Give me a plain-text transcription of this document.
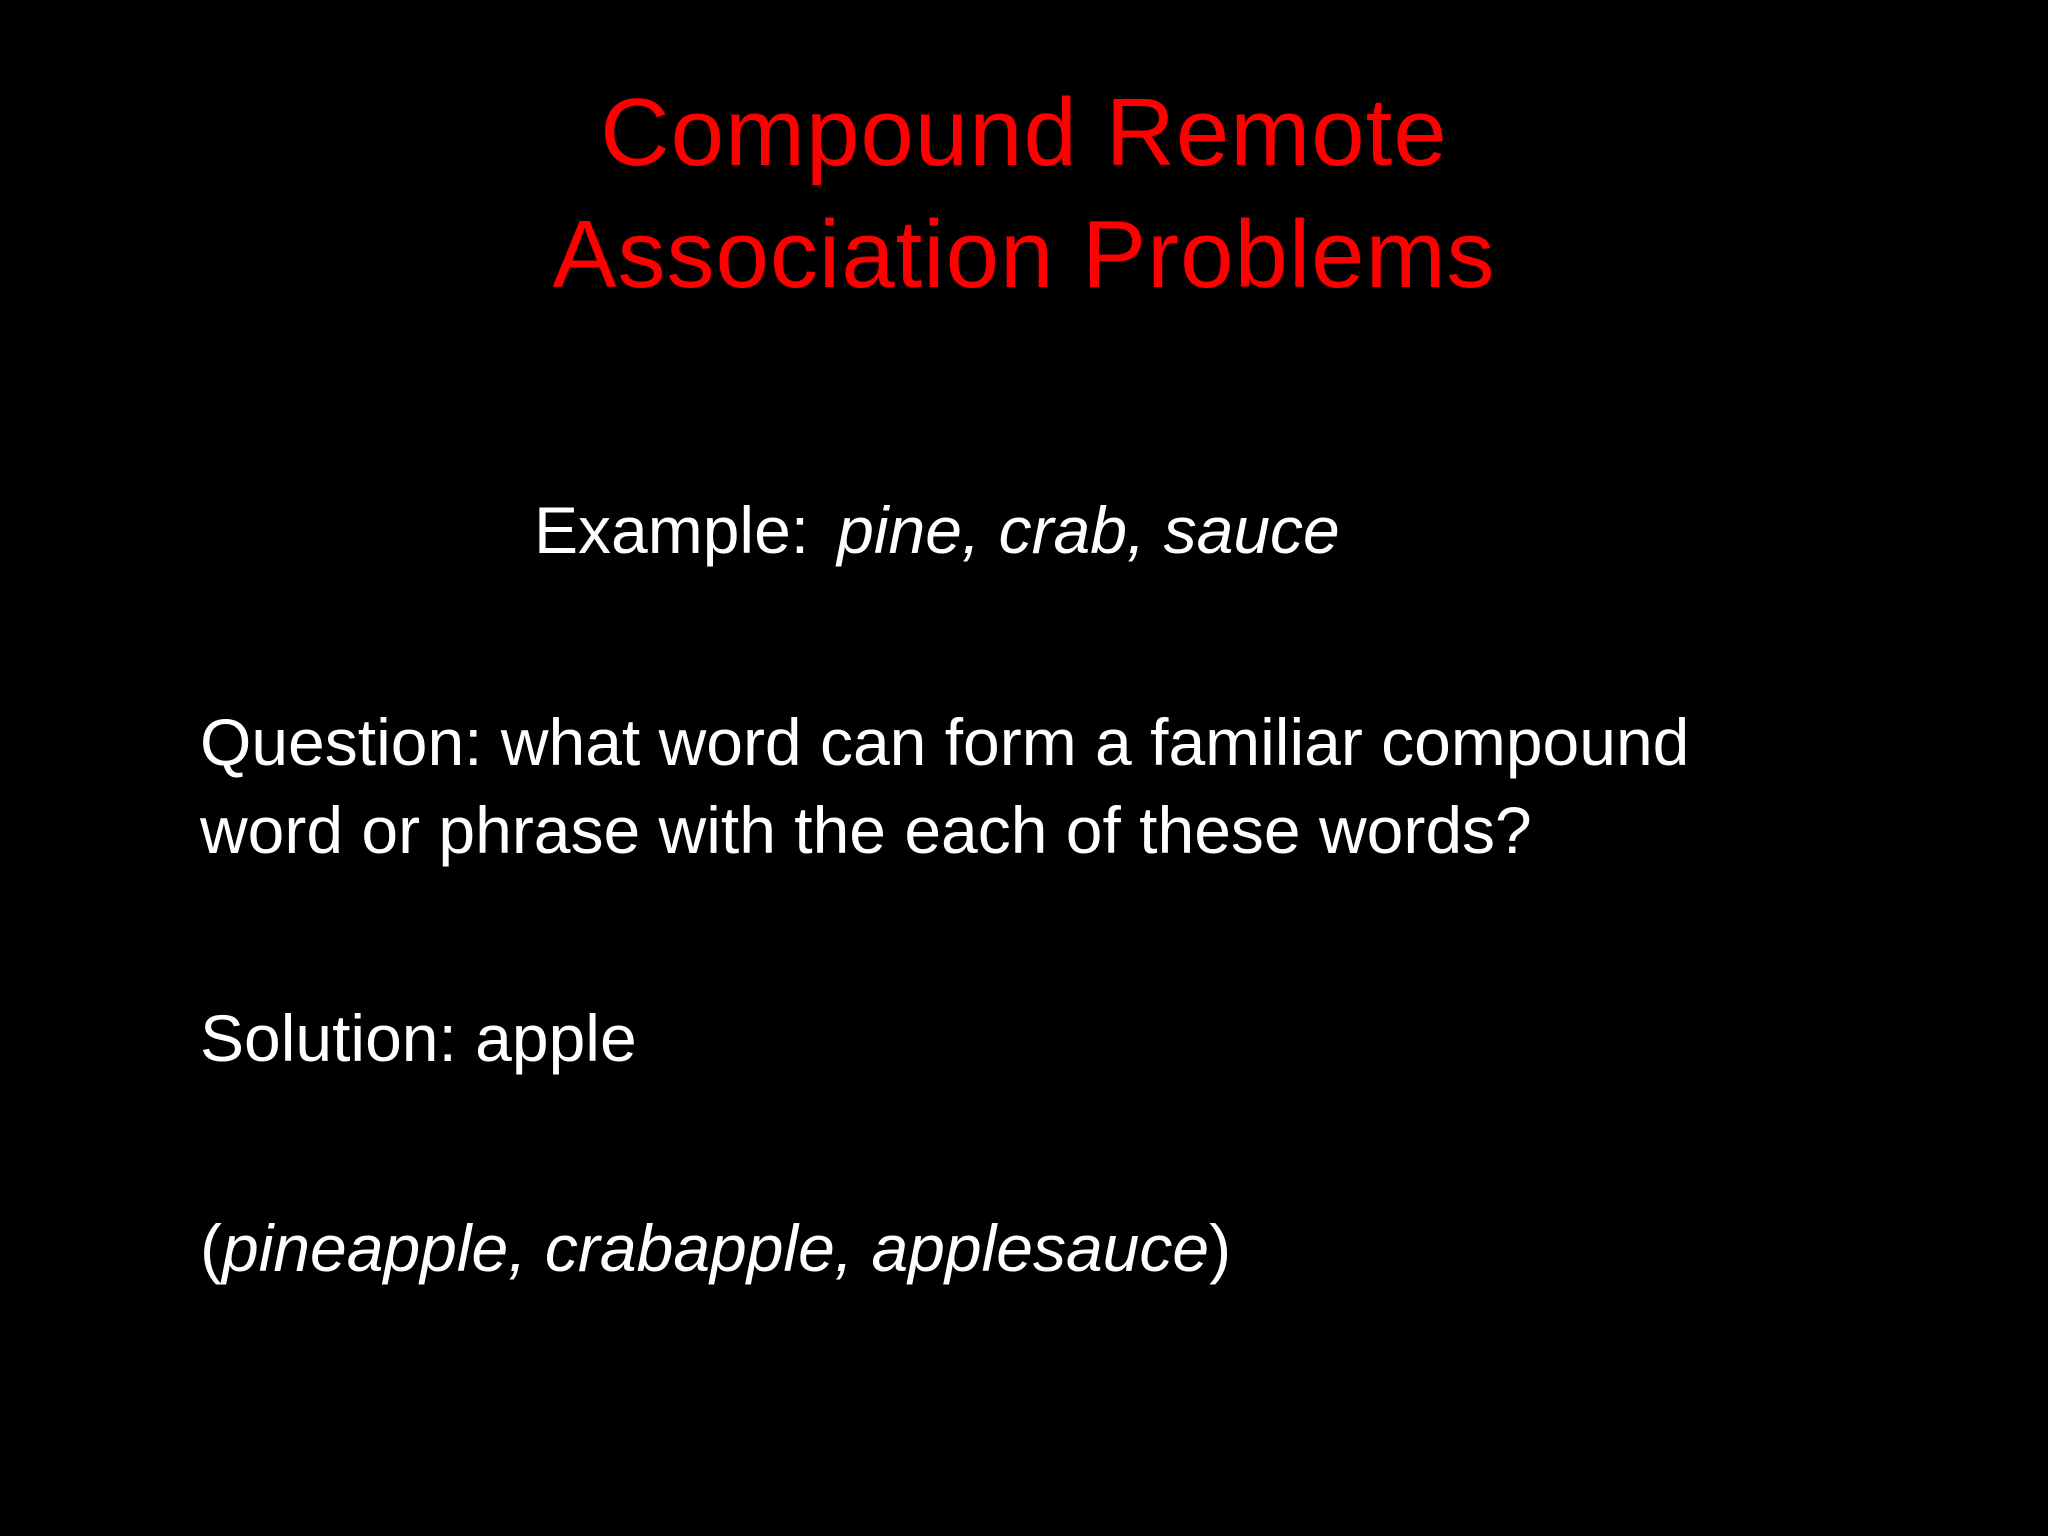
Compound Remote
Association Problems
Example: pine, crab, sauce
Question: what word can form a familiar compound
word or phrase with the each of these words?
Solution: apple
(pineapple, crabapple, applesauce)
